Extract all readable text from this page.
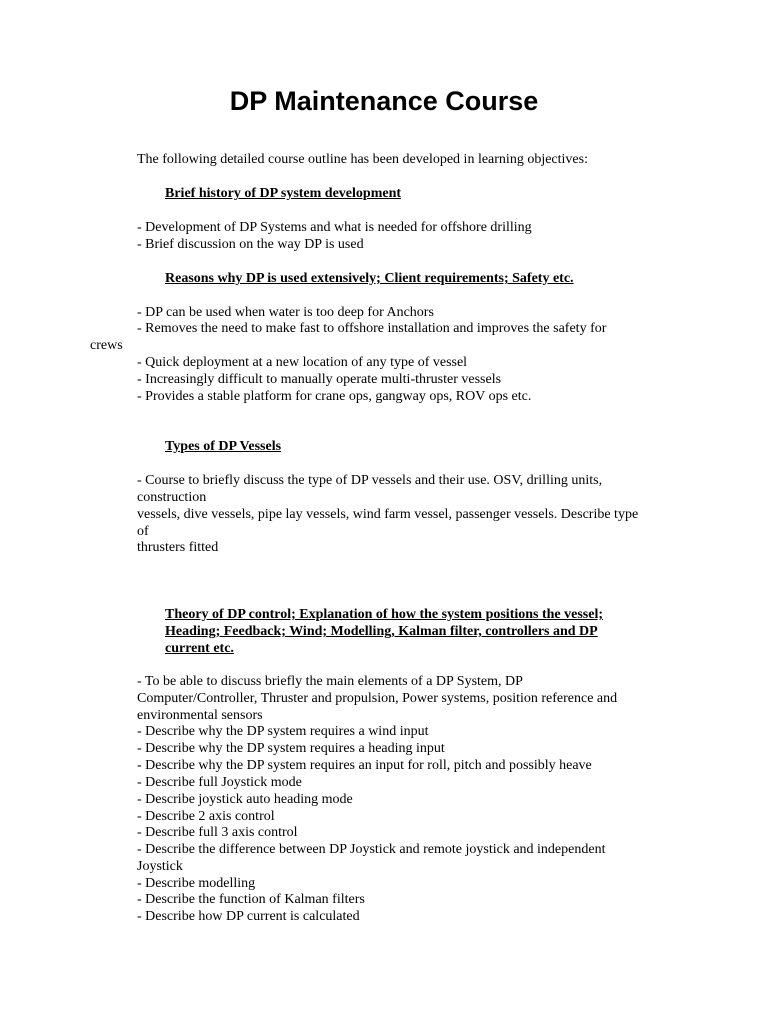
DP Maintenance Course

The following detailed course outline has been developed in learning objectives:

Brief history of DP system development

- Development of DP Systems and what is needed for offshore drilling

- Brief discussion on the way DP is used

Reasons why DP is used extensively; Client requirements; Safety etc.

- DP can be used when water is too deep for Anchors

- Removes the need to make fast to offshore installation and improves the safety for

crews

- Quick deployment at a new location of any type of vessel

- Increasingly difficult to manually operate multi-thruster vessels

- Provides a stable platform for crane ops, gangway ops, ROV ops etc.

Types of DP Vessels

- Course to briefly discuss the type of DP vessels and their use. OSV, drilling units,

construction

vessels, dive vessels, pipe lay vessels, wind farm vessel, passenger vessels. Describe type

of

thrusters fitted

Theory of DP control; Explanation of how the system positions the vessel;

Heading; Feedback; Wind; Modelling, Kalman filter, controllers and DP

current etc.

- To be able to discuss briefly the main elements of a DP System, DP

Computer/Controller, Thruster and propulsion, Power systems, position reference and

environmental sensors

- Describe why the DP system requires a wind input

- Describe why the DP system requires a heading input

- Describe why the DP system requires an input for roll, pitch and possibly heave

- Describe full Joystick mode

- Describe joystick auto heading mode

- Describe 2 axis control

- Describe full 3 axis control

- Describe the difference between DP Joystick and remote joystick and independent

Joystick

- Describe modelling

- Describe the function of Kalman filters

- Describe how DP current is calculated
